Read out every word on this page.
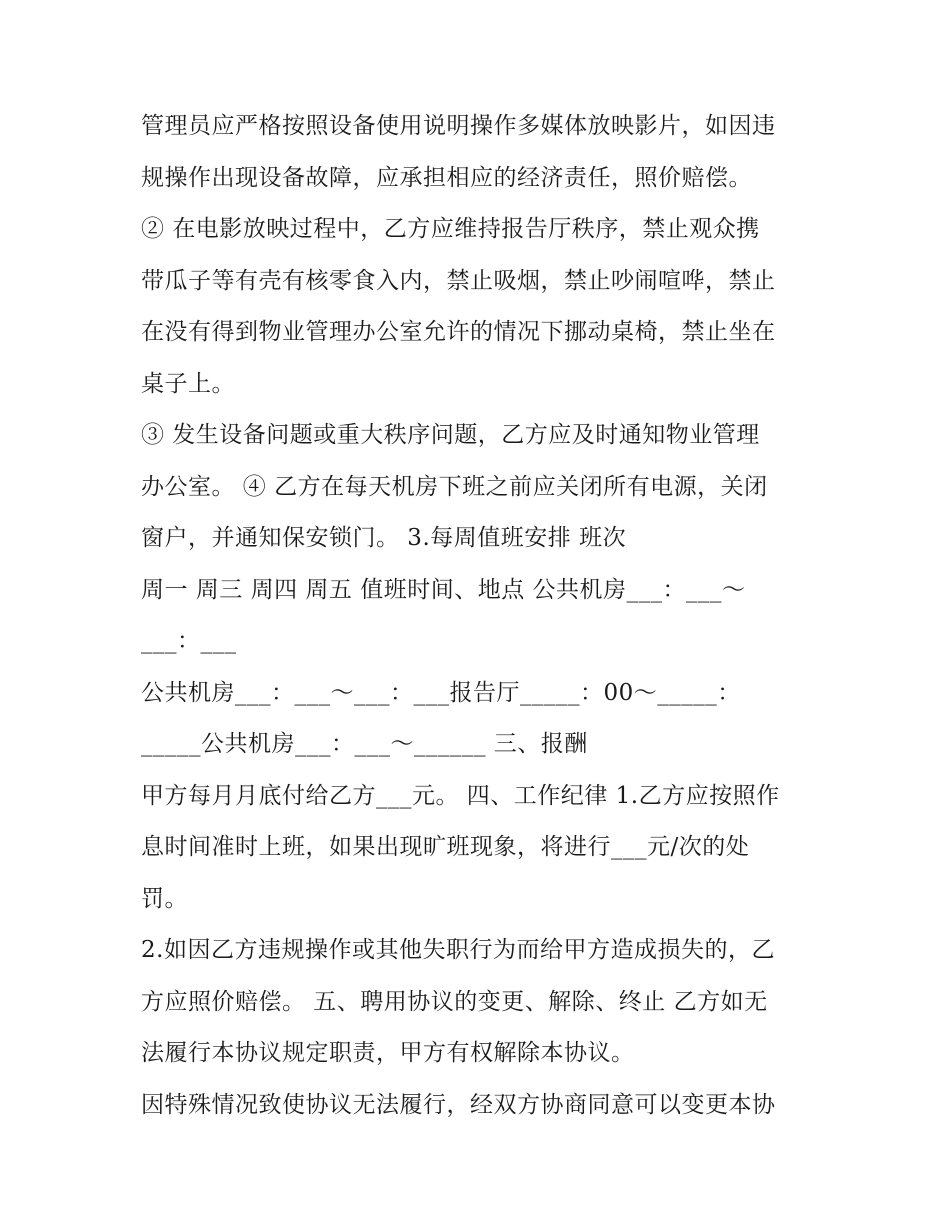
管理员应严格按照设备使用说明操作多媒体放映影片，如因违
规操作出现设备故障，应承担相应的经济责任，照价赔偿。
② 在电影放映过程中，乙方应维持报告厅秩序，禁止观众携
带瓜子等有壳有核零食入内，禁止吸烟，禁止吵闹喧哗，禁止
在没有得到物业管理办公室允许的情况下挪动桌椅，禁止坐在
桌子上。
③ 发生设备问题或重大秩序问题，乙方应及时通知物业管理
办公室。 ④ 乙方在每天机房下班之前应关闭所有电源，关闭
窗户，并通知保安锁门。 3.每周值班安排 班次
周一 周三 周四 周五 值班时间、地点 公共机房___：___～
___：___
公共机房___：___～___：___报告厅_____：00～_____：
_____公共机房___：___～______ 三、报酬
甲方每月月底付给乙方___元。 四、工作纪律 1.乙方应按照作
息时间准时上班，如果出现旷班现象，将进行___元/次的处
罚。
2.如因乙方违规操作或其他失职行为而给甲方造成损失的，乙
方应照价赔偿。 五、聘用协议的变更、解除、终止 乙方如无
法履行本协议规定职责，甲方有权解除本协议。
因特殊情况致使协议无法履行，经双方协商同意可以变更本协
